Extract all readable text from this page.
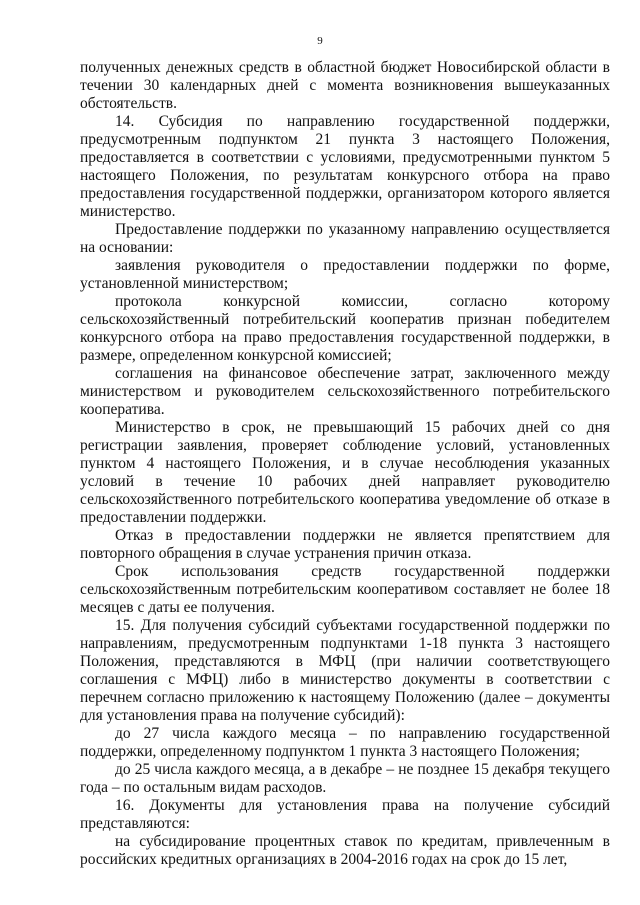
9

полученных денежных средств в областной бюджет Новосибирской области в течении 30 календарных дней с момента возникновения вышеуказанных обстоятельств.

14. Субсидия по направлению государственной поддержки, предусмотренным подпунктом 21 пункта 3 настоящего Положения, предоставляется в соответствии с условиями, предусмотренными пунктом 5 настоящего Положения, по результатам конкурсного отбора на право предоставления государственной поддержки, организатором которого является министерство.

Предоставление поддержки по указанному направлению осуществляется на основании:

заявления руководителя о предоставлении поддержки по форме, установленной министерством;

протокола конкурсной комиссии, согласно которому сельскохозяйственный потребительский кооператив признан победителем конкурсного отбора на право предоставления государственной поддержки, в размере, определенном конкурсной комиссией;

соглашения на финансовое обеспечение затрат, заключенного между министерством и руководителем сельскохозяйственного потребительского кооператива.

Министерство в срок, не превышающий 15 рабочих дней со дня регистрации заявления, проверяет соблюдение условий, установленных пунктом 4 настоящего Положения, и в случае несоблюдения указанных условий в течение 10 рабочих дней направляет руководителю сельскохозяйственного потребительского кооператива уведомление об отказе в предоставлении поддержки.

Отказ в предоставлении поддержки не является препятствием для повторного обращения в случае устранения причин отказа.

Срок использования средств государственной поддержки сельскохозяйственным потребительским кооперативом составляет не более 18 месяцев с даты ее получения.

15. Для получения субсидий субъектами государственной поддержки по направлениям, предусмотренным подпунктами 1-18 пункта 3 настоящего Положения, представляются в МФЦ (при наличии соответствующего соглашения с МФЦ) либо в министерство документы в соответствии с перечнем согласно приложению к настоящему Положению (далее – документы для установления права на получение субсидий):

до 27 числа каждого месяца – по направлению государственной поддержки, определенному подпунктом 1 пункта 3 настоящего Положения;

до 25 числа каждого месяца, а в декабре – не позднее 15 декабря текущего года – по остальным видам расходов.

16. Документы для установления права на получение субсидий представляются:

на субсидирование процентных ставок по кредитам, привлеченным в российских кредитных организациях в 2004-2016 годах на срок до 15 лет,
